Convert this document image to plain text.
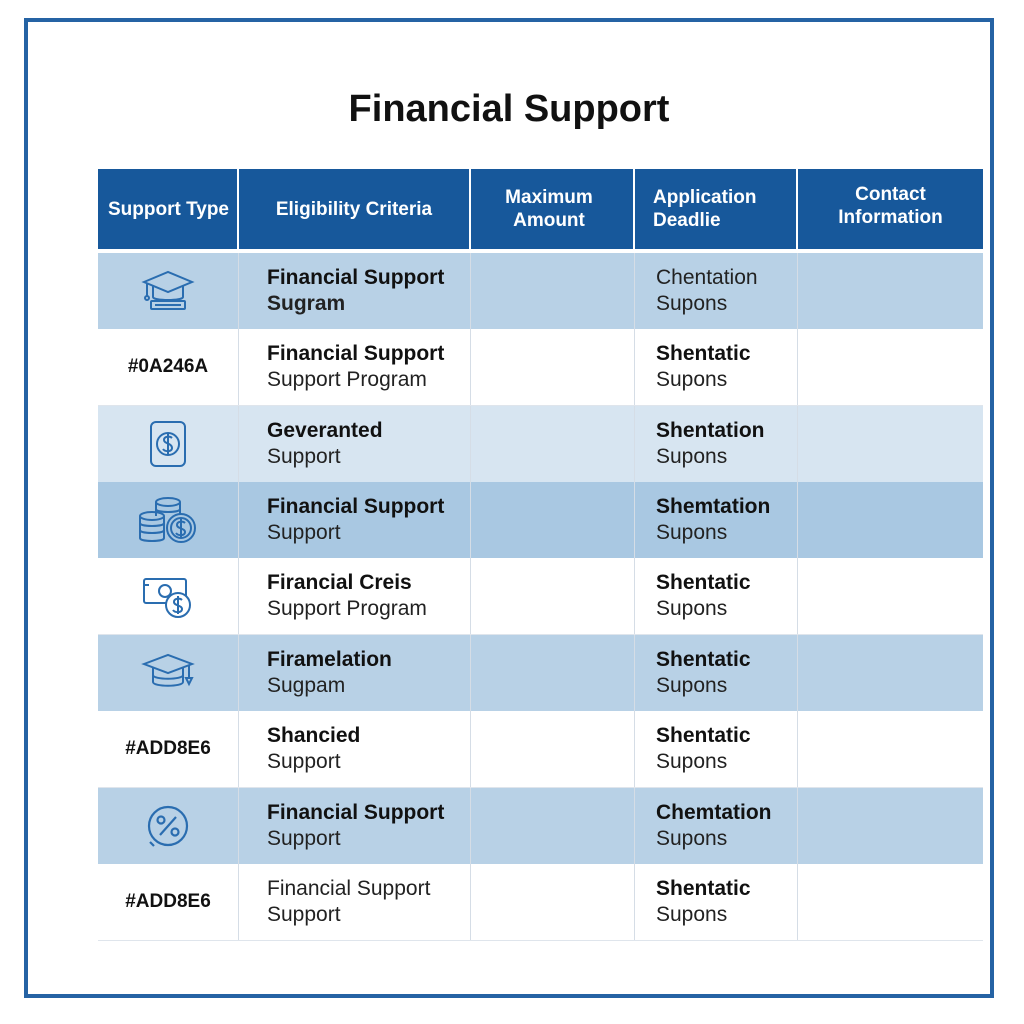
Financial Support
Support Type Eligibility Criteria
Maximum
Amount
Application
Deadlie
Contact
Information
Financial Support
Sugram
Chentation
Supons
#0A246A
Financial Support
Support Program
Shentatic
Supons
Geveranted
Support
Shentation
Supons
Financial Support
Support
Shemtation
Supons
Firancial Creis
Support Program
Shentatic
Supons
Firamelation
Sugpam
Shentatic
Supons
#ADD8E6
Shancied
Support
Shentatic
Supons
Financial Support
Support
Chemtation
Supons
#ADD8E6
Financial Support
Support
Shentatic
Supons
